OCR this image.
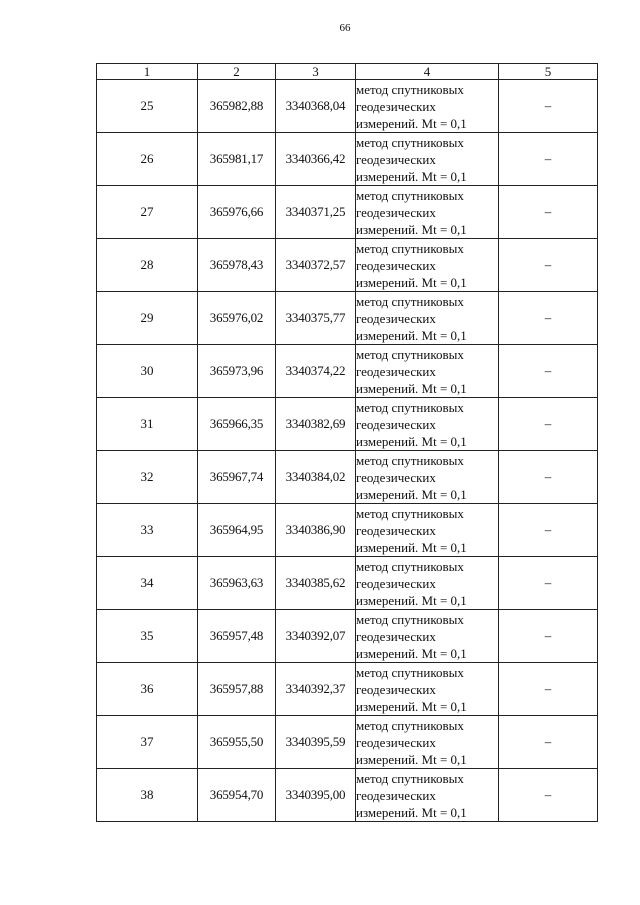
66
1	2	3	4	5
25	365982,88	3340368,04	метод спутниковых
геодезических
измерений. Mt = 0,1	–
26	365981,17	3340366,42	метод спутниковых
геодезических
измерений. Mt = 0,1	–
27	365976,66	3340371,25	метод спутниковых
геодезических
измерений. Mt = 0,1	–
28	365978,43	3340372,57	метод спутниковых
геодезических
измерений. Mt = 0,1	–
29	365976,02	3340375,77	метод спутниковых
геодезических
измерений. Mt = 0,1	–
30	365973,96	3340374,22	метод спутниковых
геодезических
измерений. Mt = 0,1	–
31	365966,35	3340382,69	метод спутниковых
геодезических
измерений. Mt = 0,1	–
32	365967,74	3340384,02	метод спутниковых
геодезических
измерений. Mt = 0,1	–
33	365964,95	3340386,90	метод спутниковых
геодезических
измерений. Mt = 0,1	–
34	365963,63	3340385,62	метод спутниковых
геодезических
измерений. Mt = 0,1	–
35	365957,48	3340392,07	метод спутниковых
геодезических
измерений. Mt = 0,1	–
36	365957,88	3340392,37	метод спутниковых
геодезических
измерений. Mt = 0,1	–
37	365955,50	3340395,59	метод спутниковых
геодезических
измерений. Mt = 0,1	–
38	365954,70	3340395,00	метод спутниковых
геодезических
измерений. Mt = 0,1	–
